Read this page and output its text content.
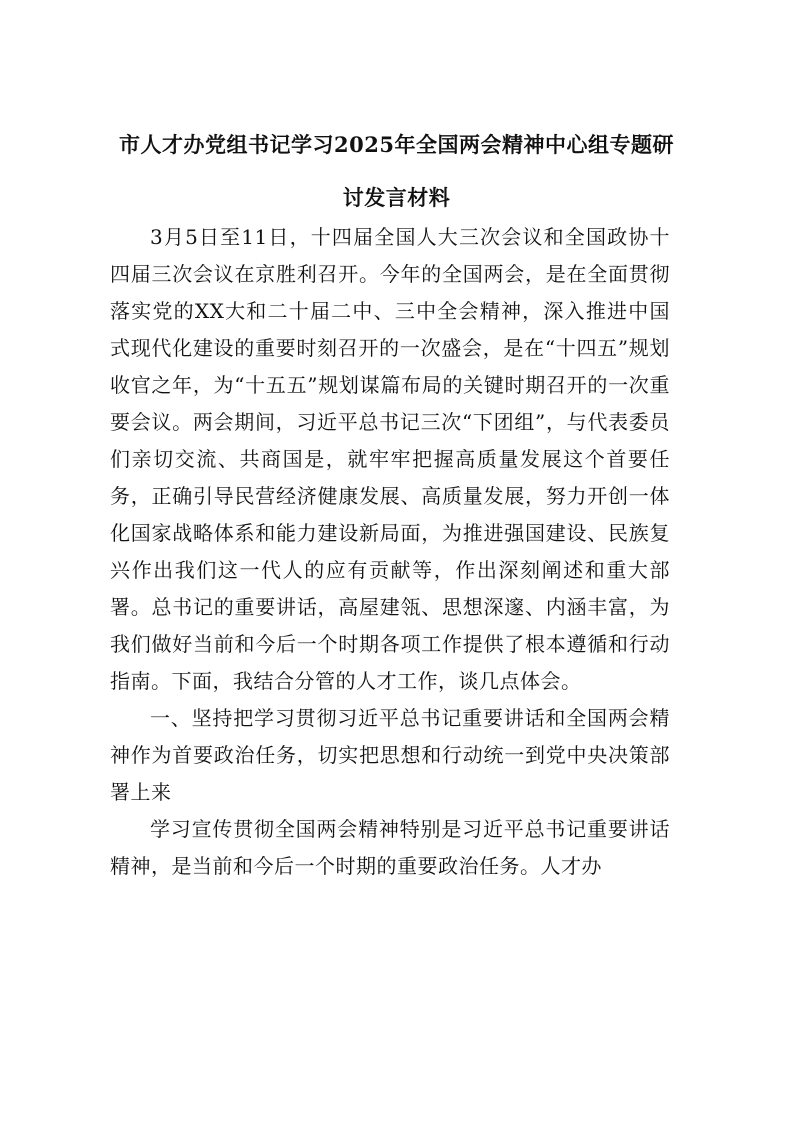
市人才办党组书记学习2025年全国两会精神中心组专题研
讨发言材料

3月5日至11日，十四届全国人大三次会议和全国政协十四届三次会议在京胜利召开。今年的全国两会，是在全面贯彻落实党的XX大和二十届二中、三中全会精神，深入推进中国式现代化建设的重要时刻召开的一次盛会，是在“十四五”规划收官之年，为“十五五”规划谋篇布局的关键时期召开的一次重要会议。两会期间，习近平总书记三次“下团组”，与代表委员们亲切交流、共商国是，就牢牢把握高质量发展这个首要任务，正确引导民营经济健康发展、高质量发展，努力开创一体化国家战略体系和能力建设新局面，为推进强国建设、民族复兴作出我们这一代人的应有贡献等，作出深刻阐述和重大部署。总书记的重要讲话，高屋建瓴、思想深邃、内涵丰富，为我们做好当前和今后一个时期各项工作提供了根本遵循和行动指南。下面，我结合分管的人才工作，谈几点体会。

一、坚持把学习贯彻习近平总书记重要讲话和全国两会精神作为首要政治任务，切实把思想和行动统一到党中央决策部署上来

学习宣传贯彻全国两会精神特别是习近平总书记重要讲话精神，是当前和今后一个时期的重要政治任务。人才办
